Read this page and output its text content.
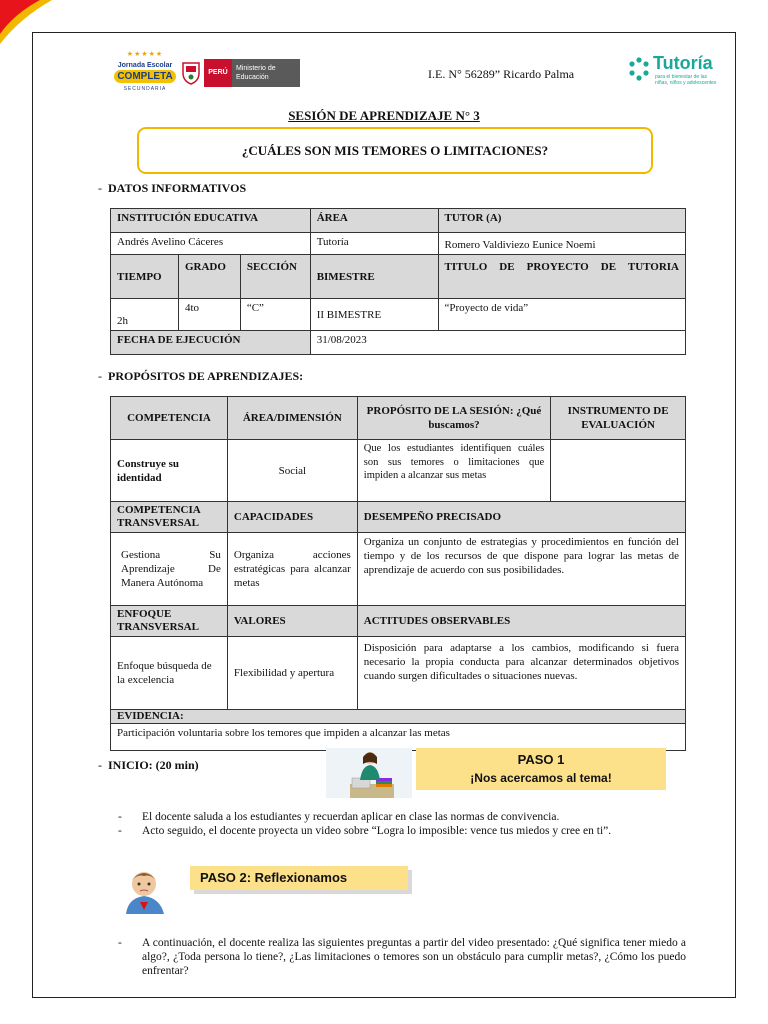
★★★★★
Jornada Escolar
COMPLETA
SECUNDARIA
PERÚ
Ministerio de Educación	I.E. N° 56289” Ricardo Palma
Tutoría
para el bienestar de las niñas, niños y adolescentes
SESIÓN DE APRENDIZAJE N° 3
¿CUÁLES SON MIS TEMORES O LIMITACIONES?
- DATOS INFORMATIVOS
INSTITUCIÓN EDUCATIVA			ÁREA	TUTOR (A)
Andrés Avelino Cáceres			Tutoría	Romero Valdiviezo Eunice Noemi
TIEMPO	GRADO	SECCIÓN	BIMESTRE	TITULO DE PROYECTO DE TUTORIA
2h	4to	“C”	II BIMESTRE	“Proyecto de vida”
FECHA DE EJECUCIÓN			31/08/2023	
- PROPÓSITOS DE APRENDIZAJES:
COMPETENCIA	ÁREA/DIMENSIÓN	PROPÓSITO DE LA SESIÓN: ¿Qué buscamos?	INSTRUMENTO DE EVALUACIÓN
Construye su identidad	Social	Que los estudiantes identifiquen cuáles son sus temores o limitaciones que impiden a alcanzar sus metas	
COMPETENCIA TRANSVERSAL	CAPACIDADES	DESEMPEÑO PRECISADO	
Gestiona Su Aprendizaje De Manera Autónoma	Organiza acciones estratégicas para alcanzar metas	Organiza un conjunto de estrategias y procedimientos en función del tiempo y de los recursos de que dispone para lograr las metas de aprendizaje de acuerdo con sus posibilidades.	
ENFOQUE TRANSVERSAL	VALORES	ACTITUDES OBSERVABLES	
Enfoque búsqueda de la excelencia	Flexibilidad y apertura	Disposición para adaptarse a los cambios, modificando si fuera necesario la propia conducta para alcanzar determinados objetivos cuando surgen dificultades o situaciones nuevas.	
EVIDENCIA:			
Participación voluntaria sobre los temores que impiden a alcanzar las metas			
- INICIO: (20 min)	PASO 1
¡Nos acercamos al tema!
-	El docente saluda a los estudiantes y recuerdan aplicar en clase las normas de convivencia.
-	Acto seguido, el docente proyecta un video sobre “Logra lo imposible: vence tus miedos y cree en ti”.
PASO 2: Reflexionamos
-	A continuación, el docente realiza las siguientes preguntas a partir del video presentado: ¿Qué significa tener miedo a algo?, ¿Toda persona lo tiene?, ¿Las limitaciones o temores son un obstáculo para cumplir metas?, ¿Cómo los puedo enfrentar?
